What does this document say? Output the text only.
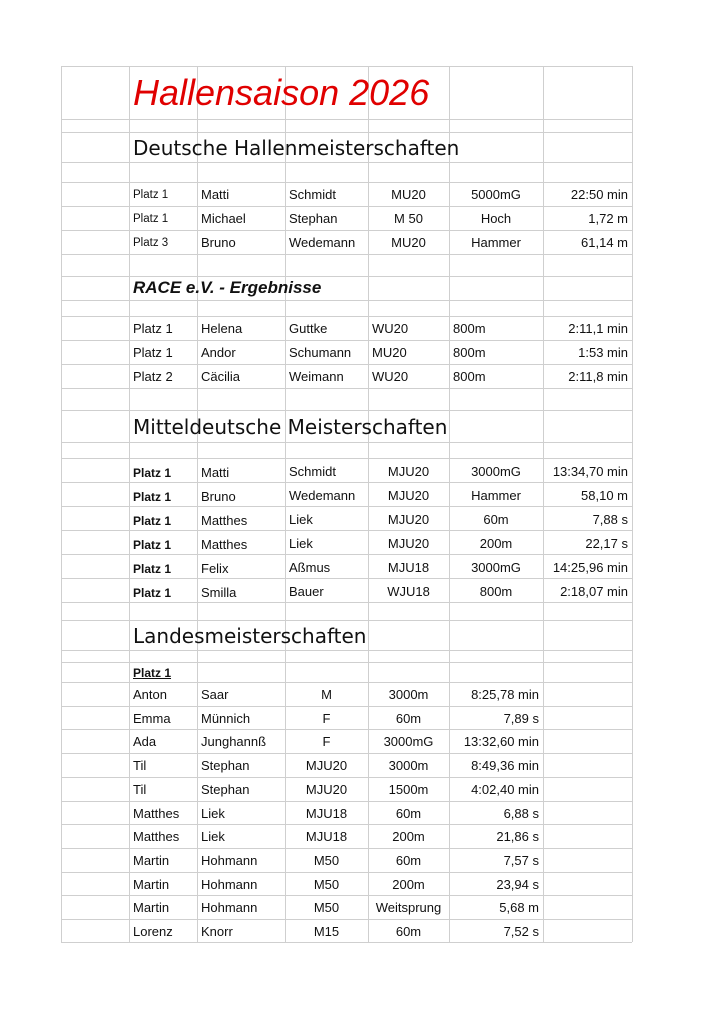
Hallensaison 2026
Deutsche Hallenmeisterschaften
Platz 1	Matti	Schmidt	MU20	5000mG	22:50 min
Platz 1	Michael	Stephan	M 50	Hoch	1,72 m
Platz 3	Bruno	Wedemann	MU20	Hammer	61,14 m
RACE e.V. - Ergebnisse
Platz 1	Helena	Guttke	WU20	800m	2:11,1 min
Platz 1	Andor	Schumann	MU20	800m	1:53 min
Platz 2	Cäcilia	Weimann	WU20	800m	2:11,8 min
Mitteldeutsche Meisterschaften
Platz 1	Matti	Schmidt	MJU20	3000mG	13:34,70 min
Platz 1	Bruno	Wedemann	MJU20	Hammer	58,10 m
Platz 1	Matthes	Liek	MJU20	60m	7,88 s
Platz 1	Matthes	Liek	MJU20	200m	22,17 s
Platz 1	Felix	Aßmus	MJU18	3000mG	14:25,96 min
Platz 1	Smilla	Bauer	WJU18	800m	2:18,07 min
Landesmeisterschaften
Platz 1
Anton	Saar	M	3000m	8:25,78 min
Emma	Münnich	F	60m	7,89 s
Ada	Junghannß	F	3000mG	13:32,60 min
Til	Stephan	MJU20	3000m	8:49,36 min
Til	Stephan	MJU20	1500m	4:02,40 min
Matthes	Liek	MJU18	60m	6,88 s
Matthes	Liek	MJU18	200m	21,86 s
Martin	Hohmann	M50	60m	7,57 s
Martin	Hohmann	M50	200m	23,94 s
Martin	Hohmann	M50	Weitsprung	5,68 m
Lorenz	Knorr	M15	60m	7,52 s
